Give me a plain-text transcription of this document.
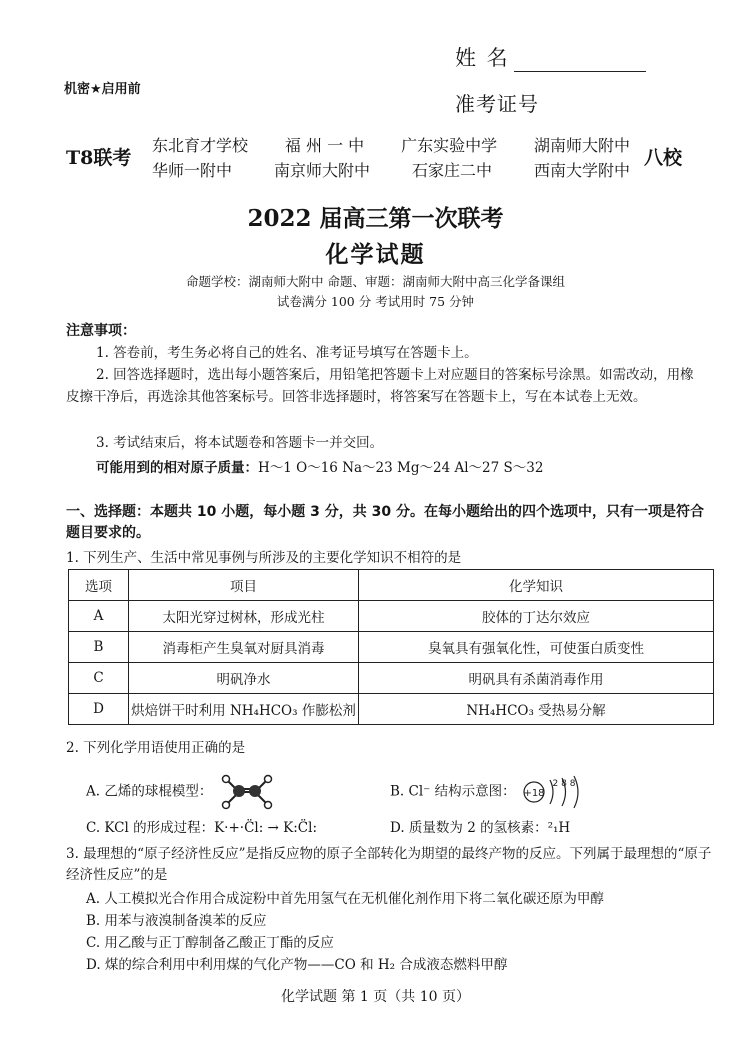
机密★启用前
姓 名
准考证号
T8联考
东北育才学校 福 州 一 中 广东实验中学 湖南师大附中
华师一附中	南京师大附中	石家庄二中	西南大学附中
八校
2022 届高三第一次联考
化学试题
命题学校：湖南师大附中 命题、审题：湖南师大附中高三化学备课组
试卷满分 100 分 考试用时 75 分钟
注意事项：
1. 答卷前，考生务必将自己的姓名、准考证号填写在答题卡上。
2. 回答选择题时，选出每小题答案后，用铅笔把答题卡上对应题目的答案标号涂黑。如需改动，用橡皮擦干净后，再选涂其他答案标号。回答非选择题时，将答案写在答题卡上，写在本试卷上无效。
3. 考试结束后，将本试题卷和答题卡一并交回。
可能用到的相对原子质量：H～1 O～16 Na～23 Mg～24 Al～27 S～32
一、选择题：本题共 10 小题，每小题 3 分，共 30 分。在每小题给出的四个选项中，只有一项是符合题目要求的。
1. 下列生产、生活中常见事例与所涉及的主要化学知识不相符的是
选项	项目	化学知识
A	太阳光穿过树林，形成光柱	胶体的丁达尔效应
B	消毒柜产生臭氧对厨具消毒	臭氧具有强氧化性，可使蛋白质变性
C	明矾净水	明矾具有杀菌消毒作用
D	烘焙饼干时利用 NH₄HCO₃ 作膨松剂	NH₄HCO₃ 受热易分解
2. 下列化学用语使用正确的是
A. 乙烯的球棍模型：	B. Cl⁻ 结构示意图： +18
2 8 8
C. KCl 的形成过程：K·+·C̈l: → K:C̈l:	D. 质量数为 2 的氢核素：²₁H
3. 最理想的“原子经济性反应”是指反应物的原子全部转化为期望的最终产物的反应。下列属于最理想的“原子经济性反应”的是
A. 人工模拟光合作用合成淀粉中首先用氢气在无机催化剂作用下将二氧化碳还原为甲醇
B. 用苯与液溴制备溴苯的反应
C. 用乙酸与正丁醇制备乙酸正丁酯的反应
D. 煤的综合利用中利用煤的气化产物——CO 和 H₂ 合成液态燃料甲醇
化学试题 第 1 页（共 10 页）
